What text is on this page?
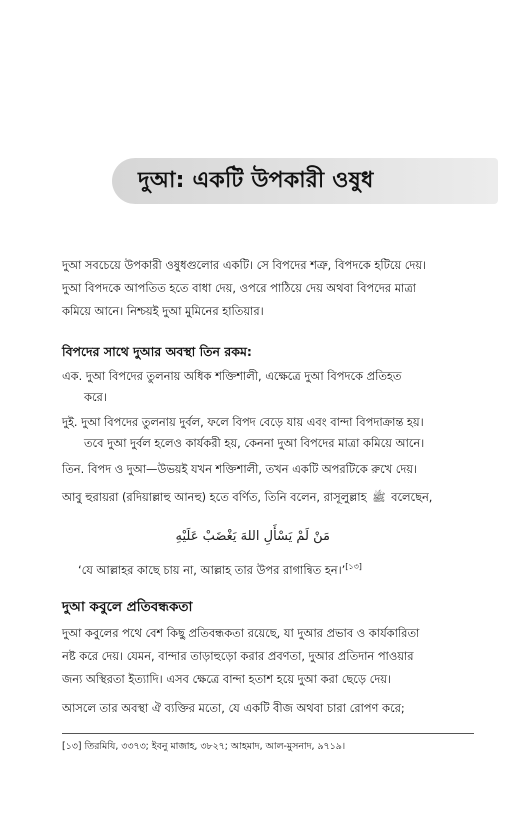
দুআ: একটি উপকারী ওষুধ

দুআ সবচেয়ে উপকারী ওষুধগুলোর একটি। সে বিপদের শত্রু, বিপদকে হটিয়ে দেয়।

দুআ বিপদকে আপতিত হতে বাধা দেয়, ওপরে পাঠিয়ে দেয় অথবা বিপদের মাত্রা

কমিয়ে আনে। নিশ্চয়ই দুআ মুমিনের হাতিয়ার।

বিপদের সাথে দুআর অবস্থা তিন রকম:
এক. দুআ বিপদের তুলনায় অধিক শক্তিশালী, এক্ষেত্রে দুআ বিপদকে প্রতিহত
করে।
দুই. দুআ বিপদের তুলনায় দুর্বল, ফলে বিপদ বেড়ে যায় এবং বান্দা বিপদাক্রান্ত হয়।
তবে দুআ দুর্বল হলেও কার্যকরী হয়, কেননা দুআ বিপদের মাত্রা কমিয়ে আনে।
তিন. বিপদ ও দুআ—উভয়ই যখন শক্তিশালী, তখন একটি অপরটিকে রুখে দেয়।
আবু হুরায়রা (রদিয়াল্লাহু আনহু) হতে বর্ণিত, তিনি বলেন, রাসূলুল্লাহ ﷺ বলেছেন,
مَنْ لَمْ يَسْأَلِ اللهَ يَغْضَبْ عَلَيْهِ
‘যে আল্লাহর কাছে চায় না, আল্লাহ তার উপর রাগান্বিত হন।’[১৩]
দুআ কবুলে প্রতিবন্ধকতা

দুআ কবুলের পথে বেশ কিছু প্রতিবন্ধকতা রয়েছে, যা দুআর প্রভাব ও কার্যকারিতা

নষ্ট করে দেয়। যেমন, বান্দার তাড়াহুড়ো করার প্রবণতা, দুআর প্রতিদান পাওয়ার

জন্য অস্থিরতা ইত্যাদি। এসব ক্ষেত্রে বান্দা হতাশ হয়ে দুআ করা ছেড়ে দেয়।

আসলে তার অবস্থা ঐ ব্যক্তির মতো, যে একটি বীজ অথবা চারা রোপণ করে;
[১৩] তিরমিযি, ৩৩৭৩; ইবনু মাজাহ, ৩৮২৭; আহমাদ, আল-মুসনাদ, ৯৭১৯।
